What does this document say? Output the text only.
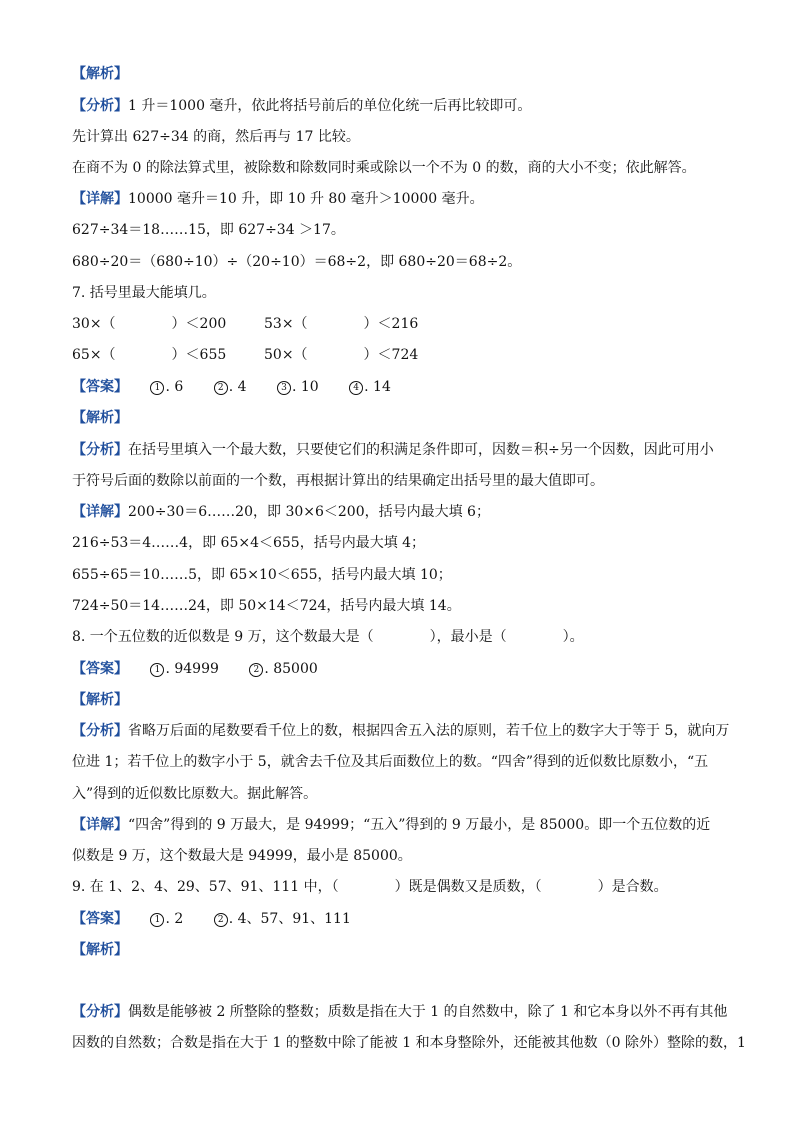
【解析】
【分析】1 升＝1000 毫升，依此将括号前后的单位化统一后再比较即可。
先计算出 627÷34 的商，然后再与 17 比较。
在商不为 0 的除法算式里，被除数和除数同时乘或除以一个不为 0 的数，商的大小不变；依此解答。
【详解】10000 毫升＝10 升，即 10 升 80 毫升＞10000 毫升。
627÷34＝18……15，即 627÷34 ＞17。
680÷20＝（680÷10）÷（20÷10）＝68÷2，即 680÷20＝68÷2。
7. 括号里最大能填几。
30×（　　　　）＜200	53×（　　　　）＜216
65×（　　　　）＜655	50×（　　　　）＜724
【答案】	1 . 6	2 . 4	3 . 10	4 . 14
【解析】
【分析】在括号里填入一个最大数，只要使它们的积满足条件即可，因数＝积÷另一个因数，因此可用小
于符号后面的数除以前面的一个数，再根据计算出的结果确定出括号里的最大值即可。
【详解】200÷30＝6……20，即 30×6＜200，括号内最大填 6；
216÷53＝4……4，即 65×4＜655，括号内最大填 4；
655÷65＝10……5，即 65×10＜655，括号内最大填 10；
724÷50＝14……24，即 50×14＜724，括号内最大填 14。
8. 一个五位数的近似数是 9 万，这个数最大是（　　　　），最小是（　　　　）。
【答案】	1 . 94999	2 . 85000
【解析】
【分析】省略万后面的尾数要看千位上的数，根据四舍五入法的原则，若千位上的数字大于等于 5，就向万
位进 1；若千位上的数字小于 5，就舍去千位及其后面数位上的数。“四舍”得到的近似数比原数小，“五
入”得到的近似数比原数大。据此解答。
【详解】“四舍”得到的 9 万最大，是 94999；“五入”得到的 9 万最小，是 85000。即一个五位数的近
似数是 9 万，这个数最大是 94999，最小是 85000。
9. 在 1、2、4、29、57、91、111 中，（　　　　）既是偶数又是质数，（　　　　）是合数。
【答案】	1 . 2	2 . 4、57、91、111
【解析】
【分析】偶数是能够被 2 所整除的整数；质数是指在大于 1 的自然数中，除了 1 和它本身以外不再有其他
因数的自然数；合数是指在大于 1 的整数中除了能被 1 和本身整除外，还能被其他数（0 除外）整除的数，1
